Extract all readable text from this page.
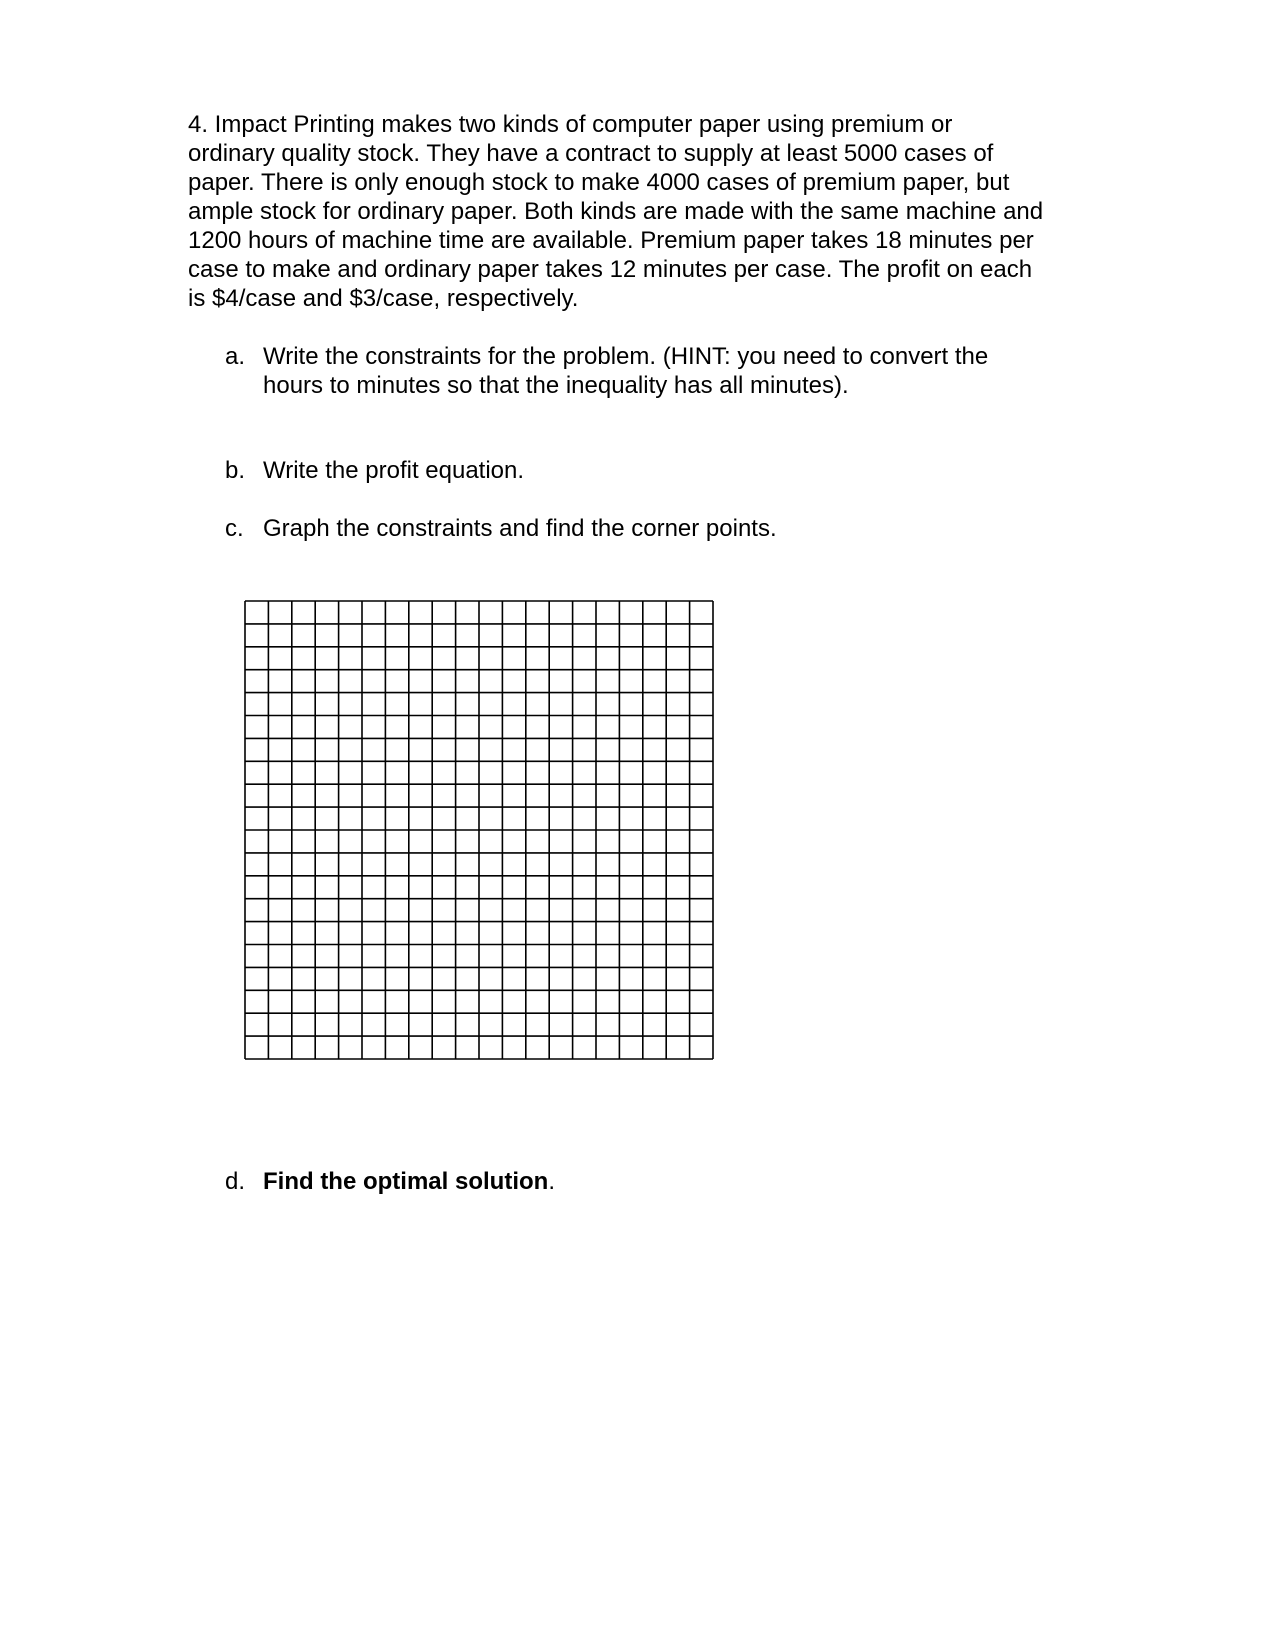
4. Impact Printing makes two kinds of computer paper using premium or
ordinary quality stock. They have a contract to supply at least 5000 cases of
paper. There is only enough stock to make 4000 cases of premium paper, but
ample stock for ordinary paper. Both kinds are made with the same machine and
1200 hours of machine time are available. Premium paper takes 18 minutes per
case to make and ordinary paper takes 12 minutes per case. The profit on each
is $4/case and $3/case, respectively.
a. Write the constraints for the problem. (HINT: you need to convert the
hours to minutes so that the inequality has all minutes).
b. Write the profit equation.
c. Graph the constraints and find the corner points.
d. Find the optimal solution.
